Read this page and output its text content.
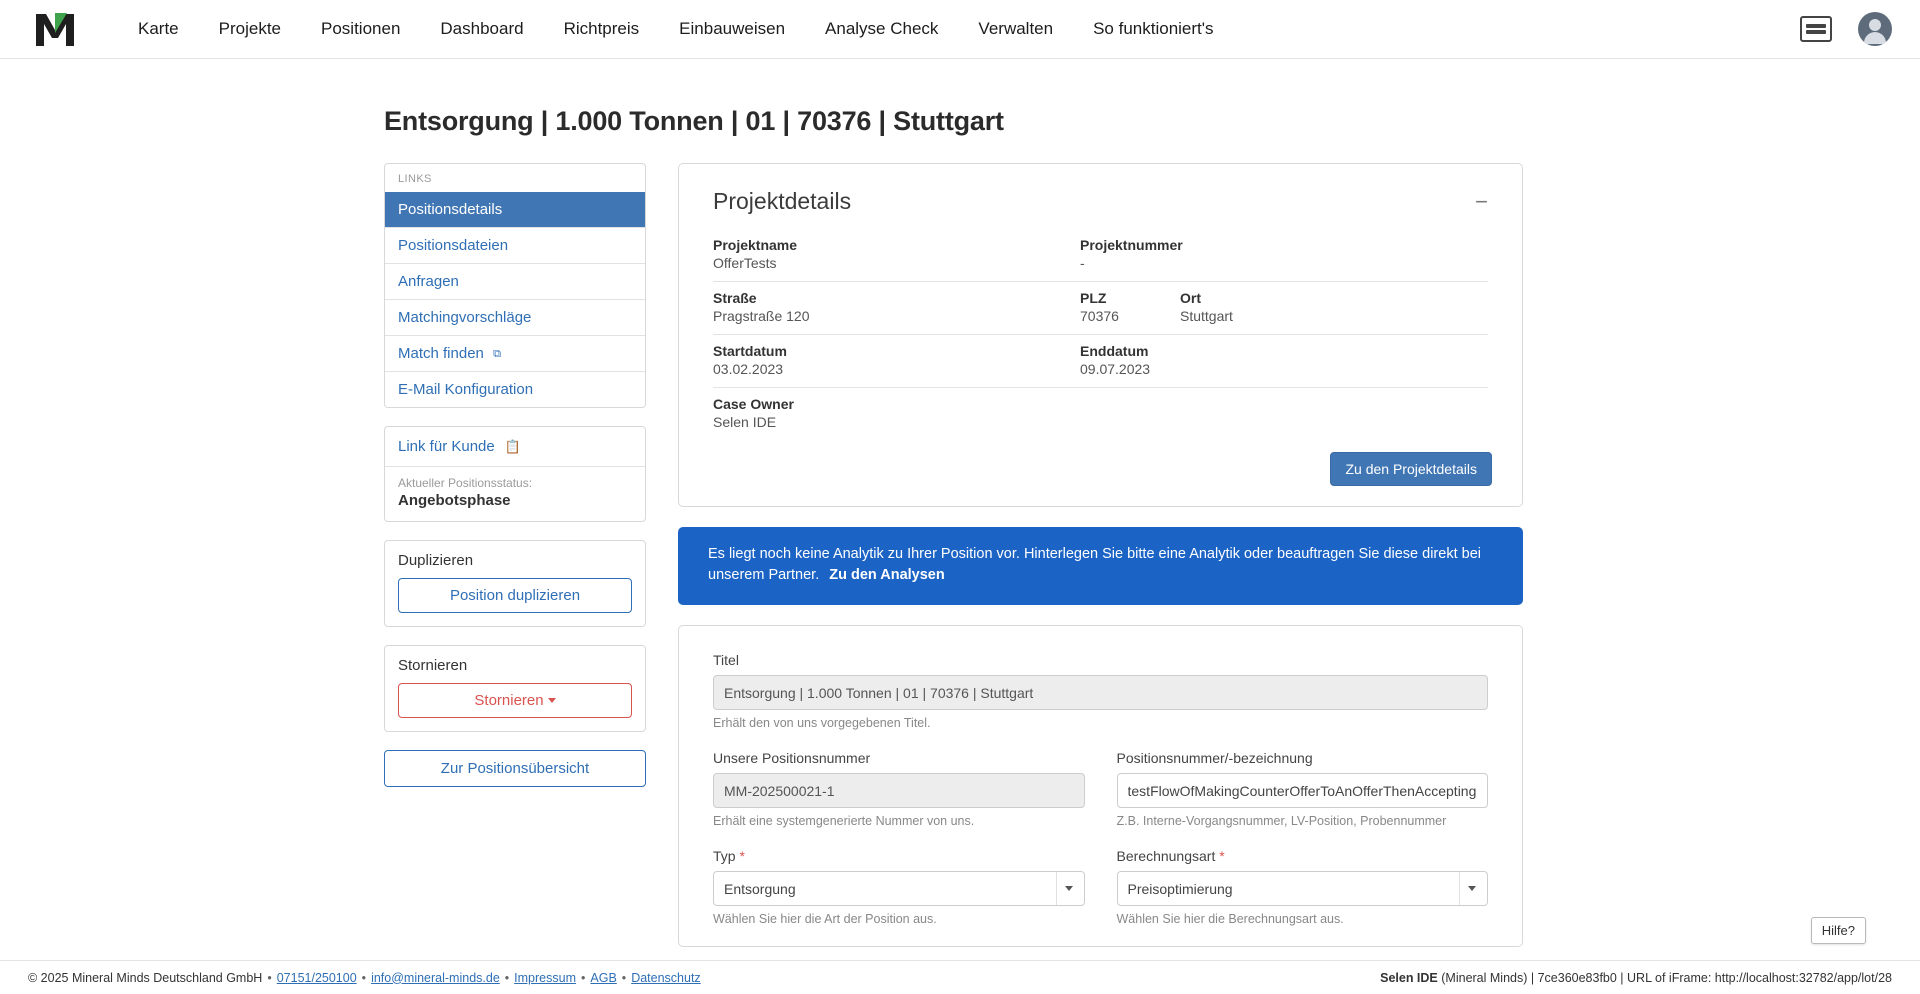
Karte	Projekte	Positionen	Dashboard	Richtpreis	Einbauweisen	Analyse Check	Verwalten	So funktioniert's
Entsorgung | 1.000 Tonnen | 01 | 70376 | Stuttgart
LINKS
Positionsdetails
Positionsdateien
Anfragen
Matchingvorschläge
Match finden ⧉
E-Mail Konfiguration
Link für Kunde 📋
Aktueller Positionsstatus:
Angebotsphase
Duplizieren
Position duplizieren
Stornieren
Stornieren
Zur Positionsübersicht
Projektdetails	−
Projektname
OfferTests
Projektnummer
-
Straße
Pragstraße 120
PLZ
70376
Ort
Stuttgart
Startdatum
03.02.2023
Enddatum
09.07.2023
Case Owner
Selen IDE
Zu den Projektdetails
Es liegt noch keine Analytik zu Ihrer Position vor. Hinterlegen Sie bitte eine Analytik oder beauftragen Sie diese direkt bei unserem Partner. Zu den Analysen
Titel
Entsorgung | 1.000 Tonnen | 01 | 70376 | Stuttgart
Erhält den von uns vorgegebenen Titel.
Unsere Positionsnummer
MM-202500021-1
Erhält eine systemgenerierte Nummer von uns.
Positionsnummer/-bezeichnung
testFlowOfMakingCounterOfferToAnOfferThenAccepting
Z.B. Interne-Vorgangsnummer, LV-Position, Probennummer
Typ *
Entsorgung
Wählen Sie hier die Art der Position aus.
Berechnungsart *
Preisoptimierung
Wählen Sie hier die Berechnungsart aus.
Hilfe?
© 2025 Mineral Minds Deutschland GmbH • 07151/250100 • info@mineral-minds.de • Impressum • AGB • Datenschutz	Selen IDE (Mineral Minds) | 7ce360e83fb0 | URL of iFrame: http://localhost:32782/app/lot/28
